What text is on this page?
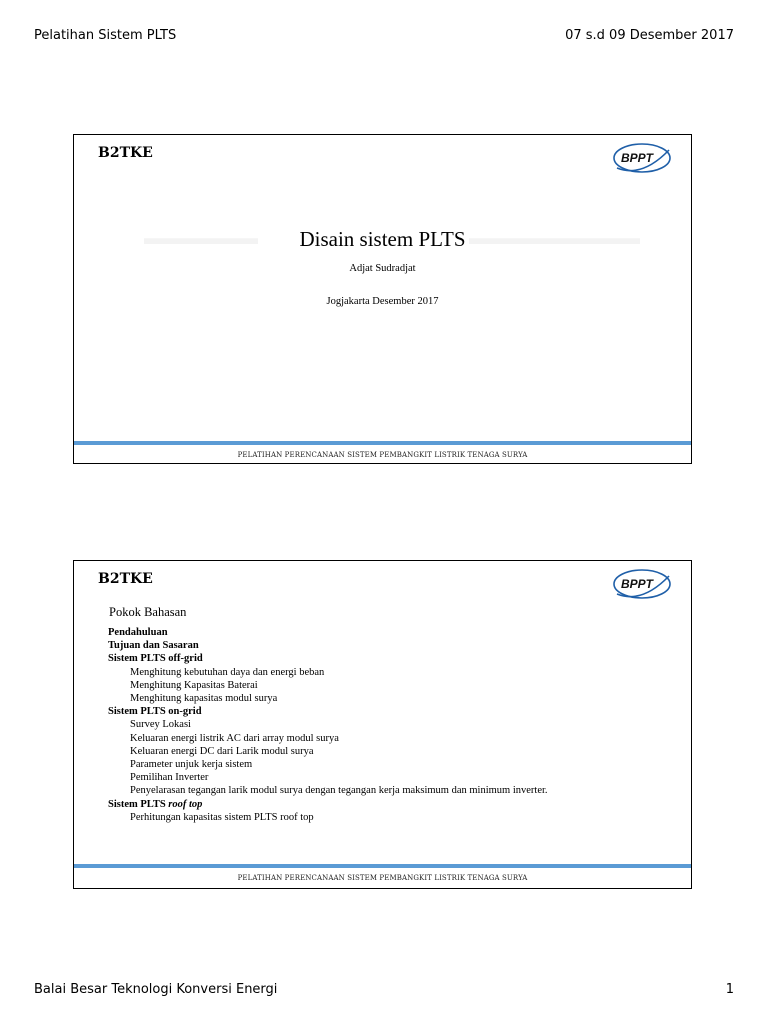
Pelatihan Sistem PLTS	07 s.d 09 Desember 2017
B2TKE	BPPT
▬▬▬▬▬▬	▬▬▬▬▬▬▬▬▬
Disain sistem PLTS
Adjat Sudradjat
Jogjakarta Desember 2017
PELATIHAN PERENCANAAN SISTEM PEMBANGKIT LISTRIK TENAGA SURYA
B2TKE	BPPT
Pokok Bahasan
Pendahuluan
Tujuan dan Sasaran
Sistem PLTS off-grid
Menghitung kebutuhan daya dan energi beban
Menghitung Kapasitas Baterai
Menghitung kapasitas modul surya
Sistem PLTS on-grid
Survey Lokasi
Keluaran energi listrik AC dari array modul surya
Keluaran energi DC dari Larik modul surya
Parameter unjuk kerja sistem
Pemilihan Inverter
Penyelarasan tegangan larik modul surya dengan tegangan kerja maksimum dan minimum inverter.
Sistem PLTS roof top
Perhitungan kapasitas sistem PLTS roof top
PELATIHAN PERENCANAAN SISTEM PEMBANGKIT LISTRIK TENAGA SURYA
Balai Besar Teknologi Konversi Energi	1
